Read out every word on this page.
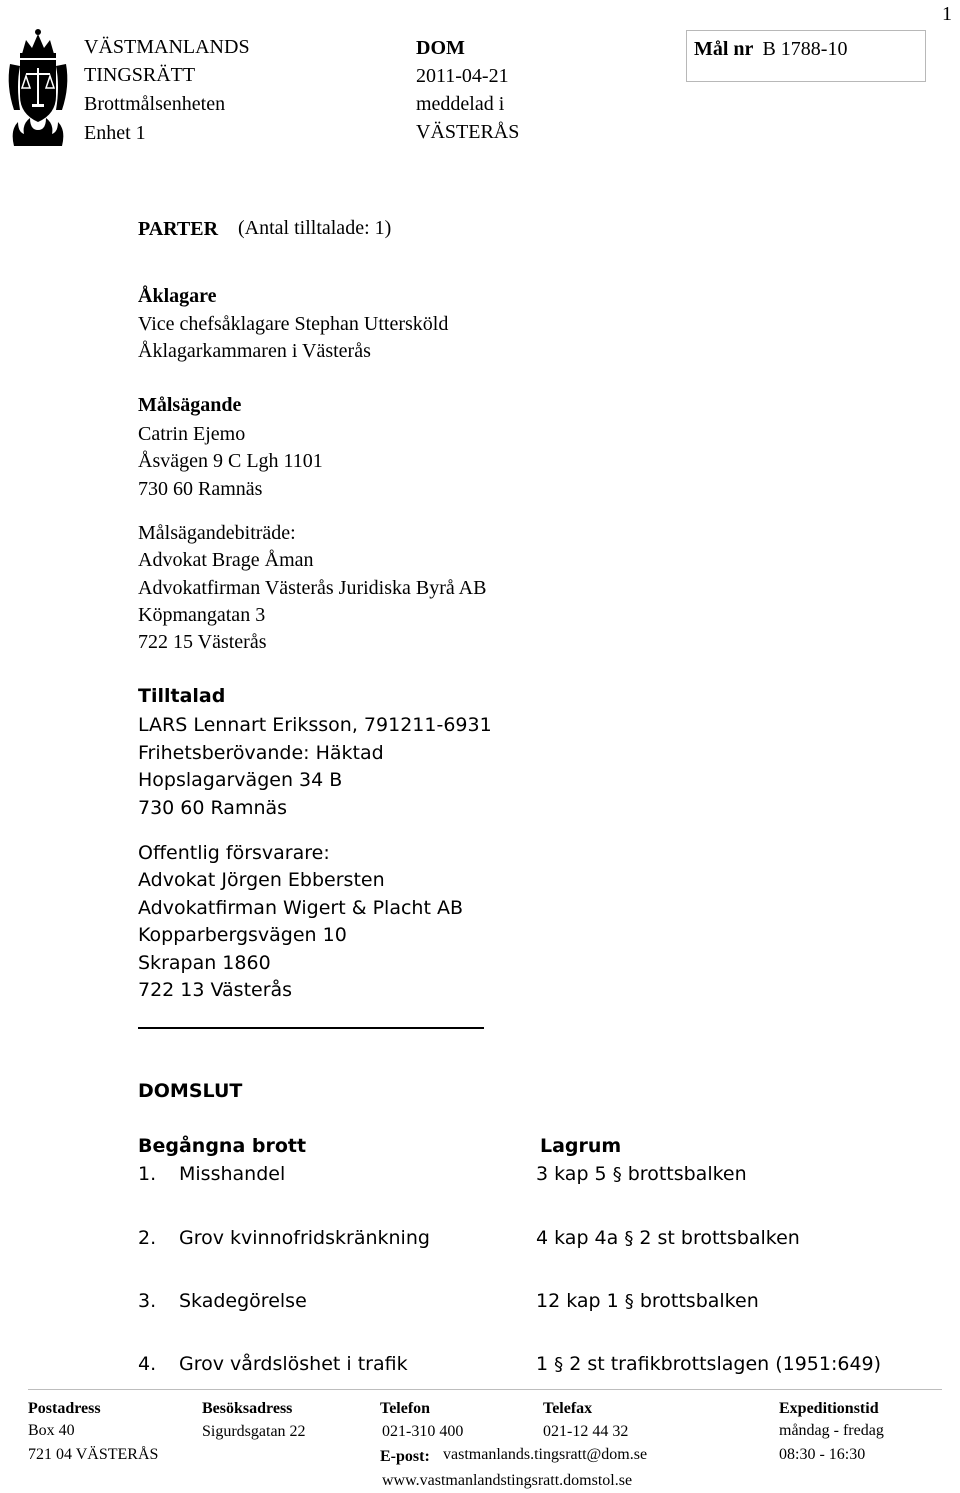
1
VÄSTMANLANDS
TINGSRÄTT
Brottmålsenheten
Enhet 1
DOM
2011-04-21
meddelad i
VÄSTERÅS
Mål nr B 1788-10
PARTER (Antal tilltalade: 1)
Åklagare
Vice chefsåklagare Stephan Uttersköld
Åklagarkammaren i Västerås
Målsägande
Catrin Ejemo
Åsvägen 9 C Lgh 1101
730 60 Ramnäs
Målsägandebiträde:
Advokat Brage Åman
Advokatfirman Västerås Juridiska Byrå AB
Köpmangatan 3
722 15 Västerås
Tilltalad
LARS Lennart Eriksson, 791211-6931
Frihetsberövande: Häktad
Hopslagarvägen 34 B
730 60 Ramnäs
Offentlig försvarare:
Advokat Jörgen Ebbersten
Advokatfirman Wigert & Placht AB
Kopparbergsvägen 10
Skrapan 1860
722 13 Västerås
DOMSLUT
Begångna brott	Lagrum
1. Misshandel	3 kap 5 § brottsbalken
2. Grov kvinnofridskränkning	4 kap 4a § 2 st brottsbalken
3. Skadegörelse	12 kap 1 § brottsbalken
4. Grov vårdslöshet i trafik	1 § 2 st trafikbrottslagen (1951:649)
Postadress
Box 40
721 04 VÄSTERÅS
Besöksadress
Sigurdsgatan 22
Telefon
021-310 400
E-post: vastmanlands.tingsratt@dom.se
www.vastmanlandstingsratt.domstol.se
Telefax
021-12 44 32
Expeditionstid
måndag - fredag
08:30 - 16:30
